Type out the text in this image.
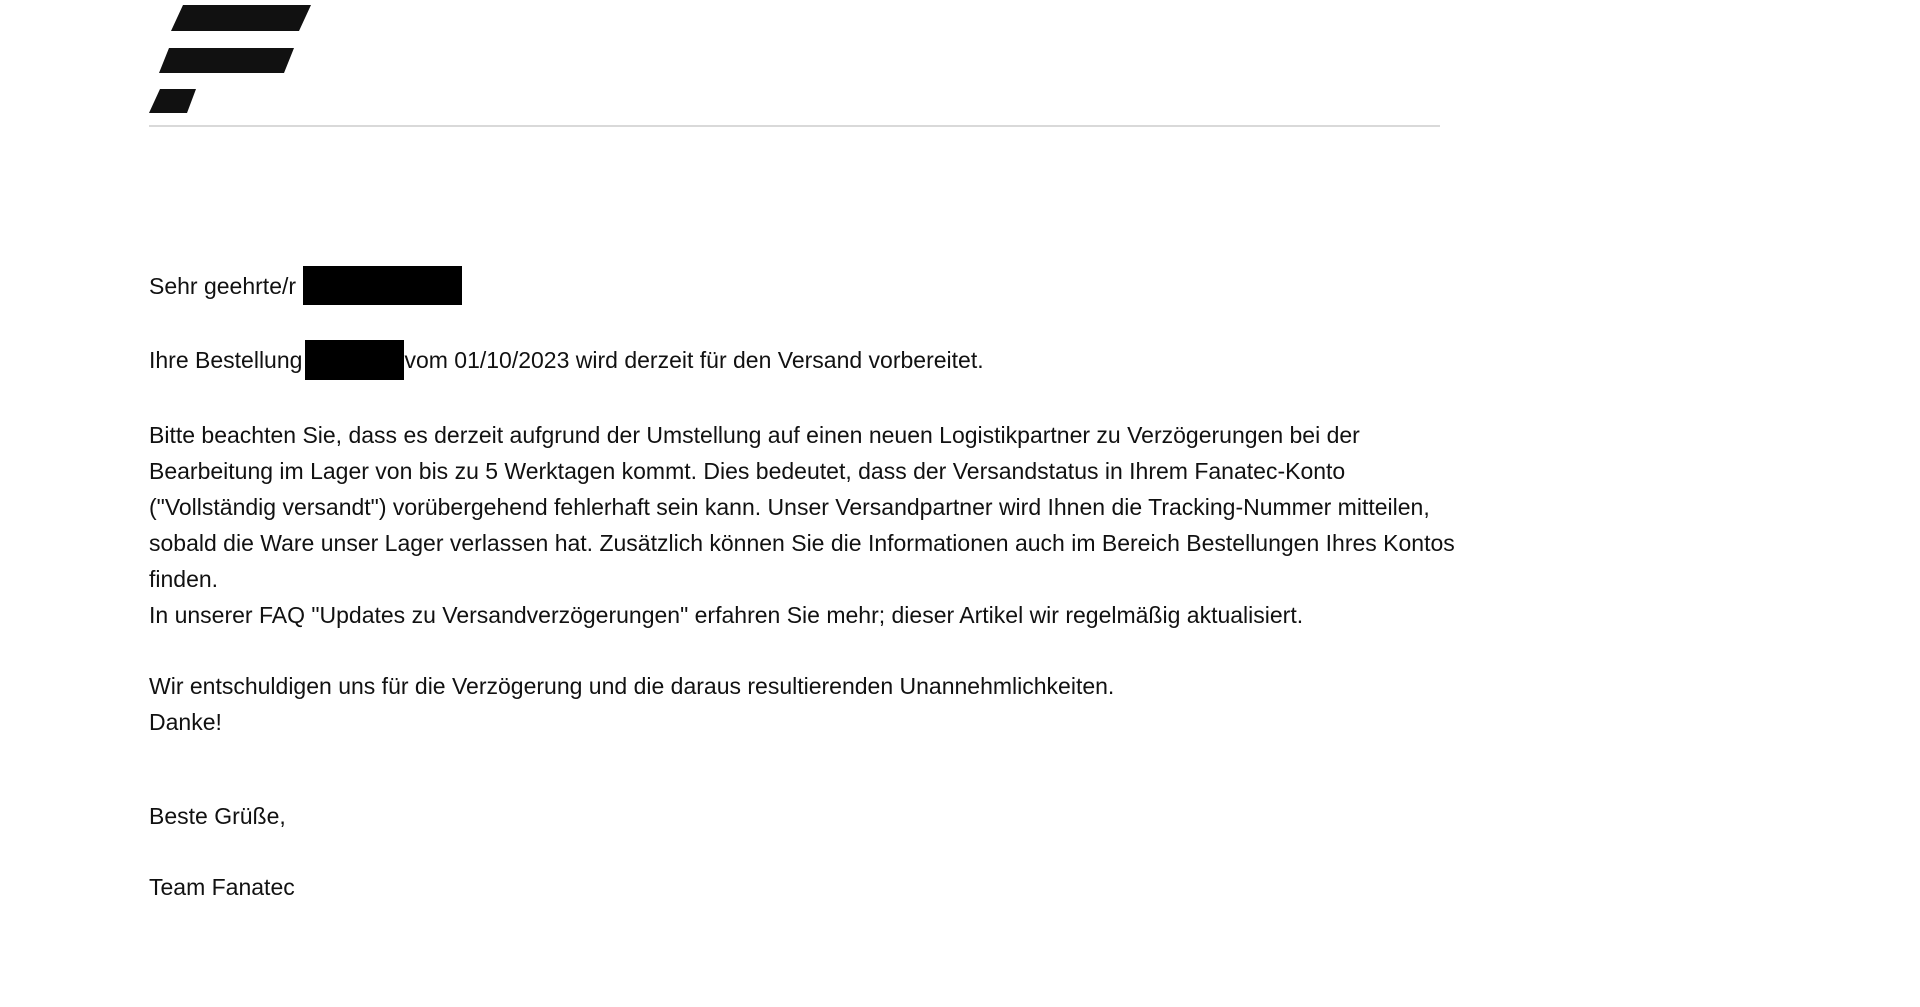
Sehr geehrte/r

Ihre Bestellung	vom 01/10/2023 wird derzeit für den Versand vorbereitet.

Bitte beachten Sie, dass es derzeit aufgrund der Umstellung auf einen neuen Logistikpartner zu Verzögerungen bei der

Bearbeitung im Lager von bis zu 5 Werktagen kommt. Dies bedeutet, dass der Versandstatus in Ihrem Fanatec-Konto

("Vollständig versandt") vorübergehend fehlerhaft sein kann. Unser Versandpartner wird Ihnen die Tracking-Nummer mitteilen,

sobald die Ware unser Lager verlassen hat. Zusätzlich können Sie die Informationen auch im Bereich Bestellungen Ihres Kontos

finden.

In unserer FAQ "Updates zu Versandverzögerungen" erfahren Sie mehr; dieser Artikel wir regelmäßig aktualisiert.

Wir entschuldigen uns für die Verzögerung und die daraus resultierenden Unannehmlichkeiten.

Danke!

Beste Grüße,

Team Fanatec
